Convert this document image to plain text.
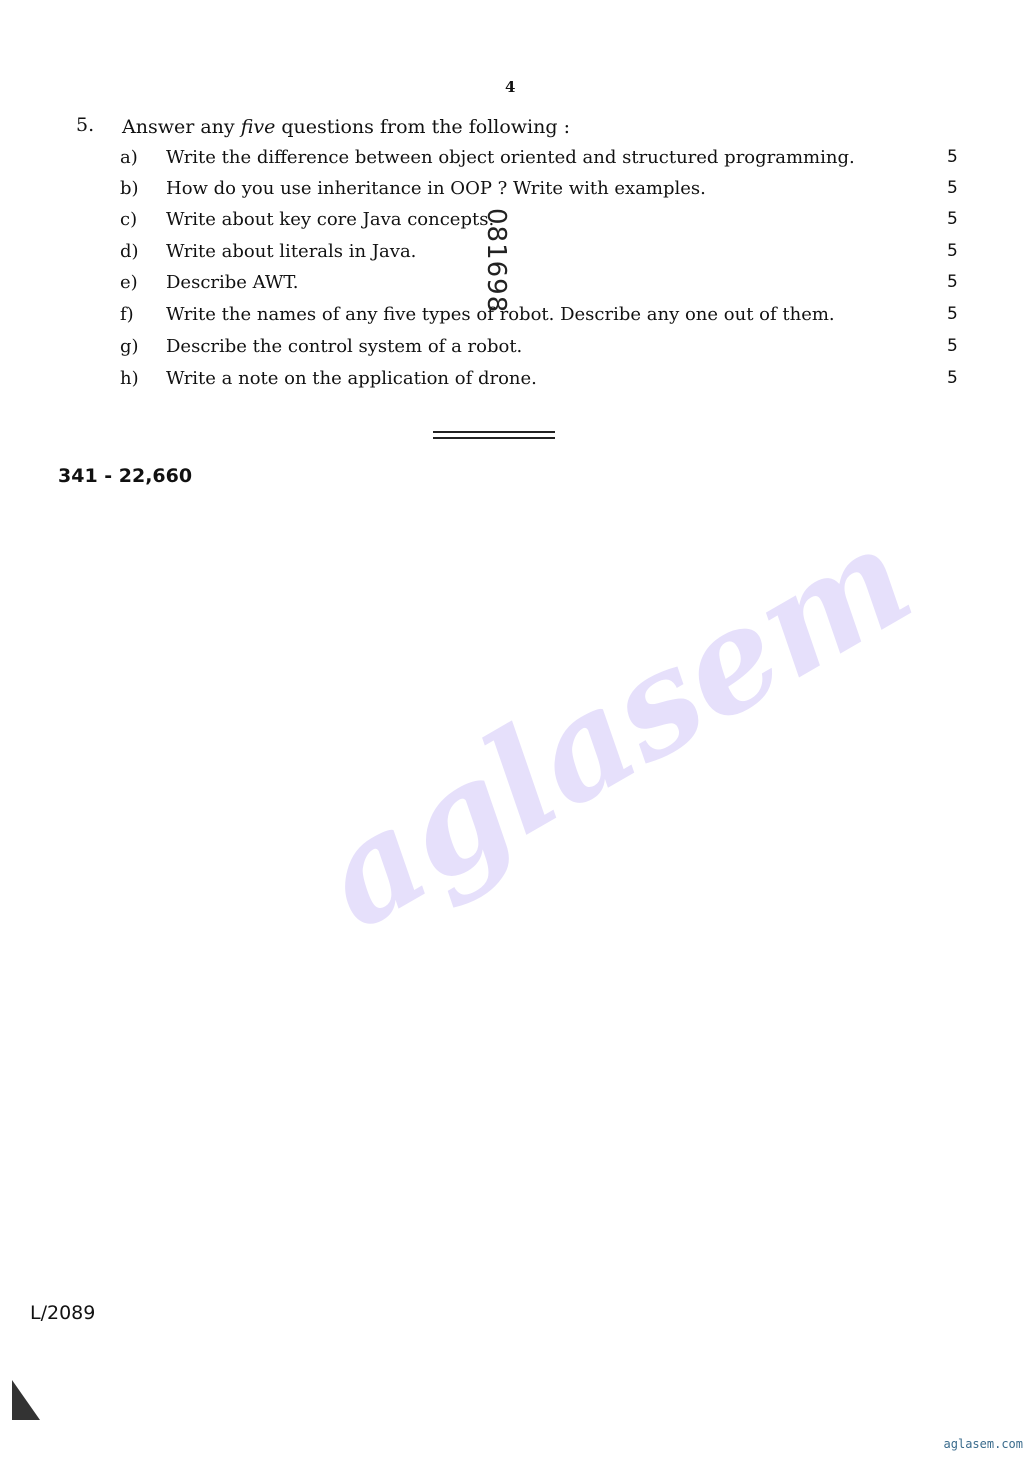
4
5. Answer any five questions from the following :
a) Write the difference between object oriented and structured programming.	5
b) How do you use inheritance in OOP ? Write with examples.	5
c) Write about key core Java concepts.	5
d) Write about literals in Java.	5
e) Describe AWT.	5
f) Write the names of any five types of robot. Describe any one out of them.	5
g) Describe the control system of a robot.	5
h) Write a note on the application of drone.	5
081698
341 - 22,660
aglasem
L/2089
aglasem.com
